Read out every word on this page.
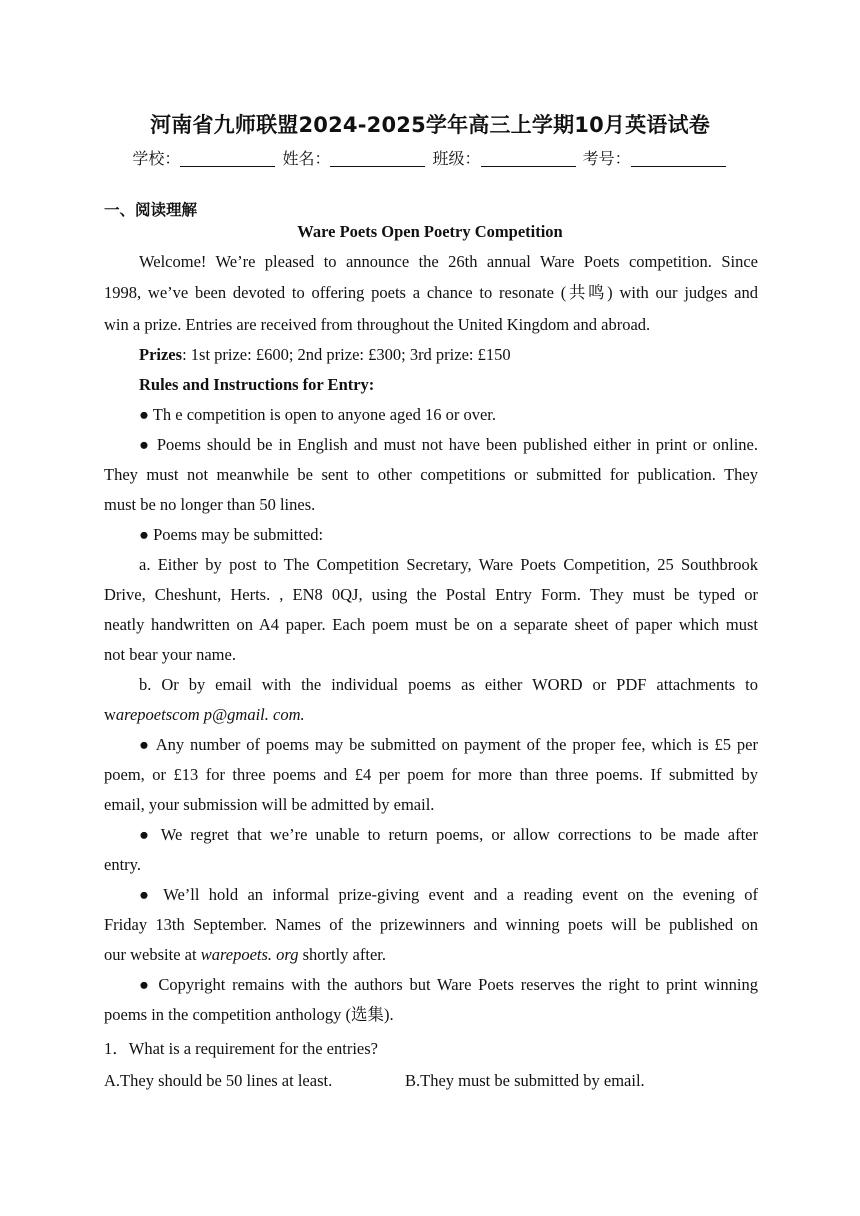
河南省九师联盟2024-2025学年高三上学期10月英语试卷
学校：	姓名：	班级：	考号：
一、阅读理解
Ware Poets Open Poetry Competition
Welcome! We’re pleased to announce the 26th annual Ware Poets competition. Since
1998, we’ve been devoted to offering poets a chance to resonate (共鸣) with our judges and
win a prize. Entries are received from throughout the United Kingdom and abroad.
Prizes: 1st prize: £600; 2nd prize: £300; 3rd prize: £150
Rules and Instructions for Entry:
● Th e competition is open to anyone aged 16 or over.
● Poems should be in English and must not have been published either in print or online.
They must not meanwhile be sent to other competitions or submitted for publication. They
must be no longer than 50 lines.
● Poems may be submitted:
a. Either by post to The Competition Secretary, Ware Poets Competition, 25 Southbrook
Drive, Cheshunt, Herts. , EN8 0QJ, using the Postal Entry Form. They must be typed or
neatly handwritten on A4 paper. Each poem must be on a separate sheet of paper which must
not bear your name.
b. Or by email with the individual poems as either WORD or PDF attachments to
warepoetscom p@gmail. com.
● Any number of poems may be submitted on payment of the proper fee, which is £5 per
poem, or £13 for three poems and £4 per poem for more than three poems. If submitted by
email, your submission will be admitted by email.
● We regret that we’re unable to return poems, or allow corrections to be made after
entry.
● We’ll hold an informal prize-giving event and a reading event on the evening of
Friday 13th September. Names of the prizewinners and winning poets will be published on
our website at warepoets. org shortly after.
● Copyright remains with the authors but Ware Poets reserves the right to print winning
poems in the competition anthology (选集).
1．What is a requirement for the entries?
A.They should be 50 lines at least.	B.They must be submitted by email.
